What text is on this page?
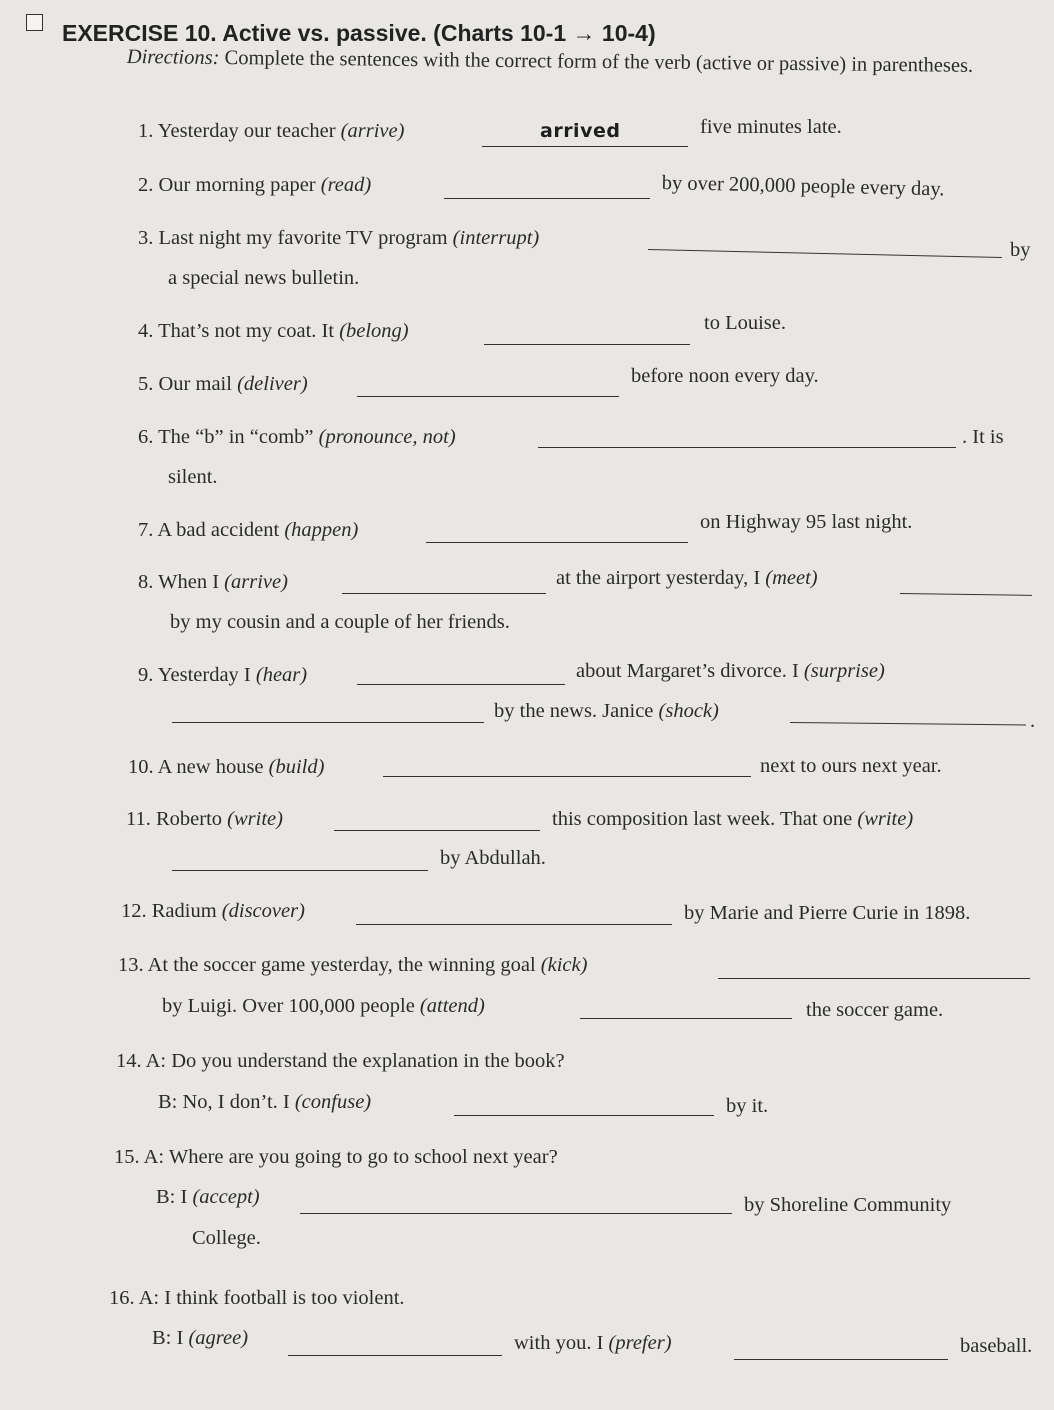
EXERCISE 10. Active vs. passive. (Charts 10-1 → 10-4)
Directions: Complete the sentences with the correct form of the verb (active or passive) in parentheses.
1. Yesterday our teacher (arrive)	arrived	five minutes late.
2. Our morning paper (read)	by over 200,000 people every day.
3. Last night my favorite TV program (interrupt)
by
a special news bulletin.
4. That’s not my coat. It (belong)	to Louise.
5. Our mail (deliver)	before noon every day.
6. The “b” in “comb” (pronounce, not)	. It is
silent.
7. A bad accident (happen)	on Highway 95 last night.
8. When I (arrive)	at the airport yesterday, I (meet)
by my cousin and a couple of her friends.
9. Yesterday I (hear)	about Margaret’s divorce. I (surprise)
by the news. Janice (shock)	.
10. A new house (build)	next to ours next year.
11. Roberto (write)	this composition last week. That one (write)
by Abdullah.
12. Radium (discover)	by Marie and Pierre Curie in 1898.
13. At the soccer game yesterday, the winning goal (kick)
by Luigi. Over 100,000 people (attend)	the soccer game.
14. A: Do you understand the explanation in the book?
B: No, I don’t. I (confuse)	by it.
15. A: Where are you going to go to school next year?
B: I (accept)	by Shoreline Community
College.
16. A: I think football is too violent.
B: I (agree)	with you. I (prefer)	baseball.
